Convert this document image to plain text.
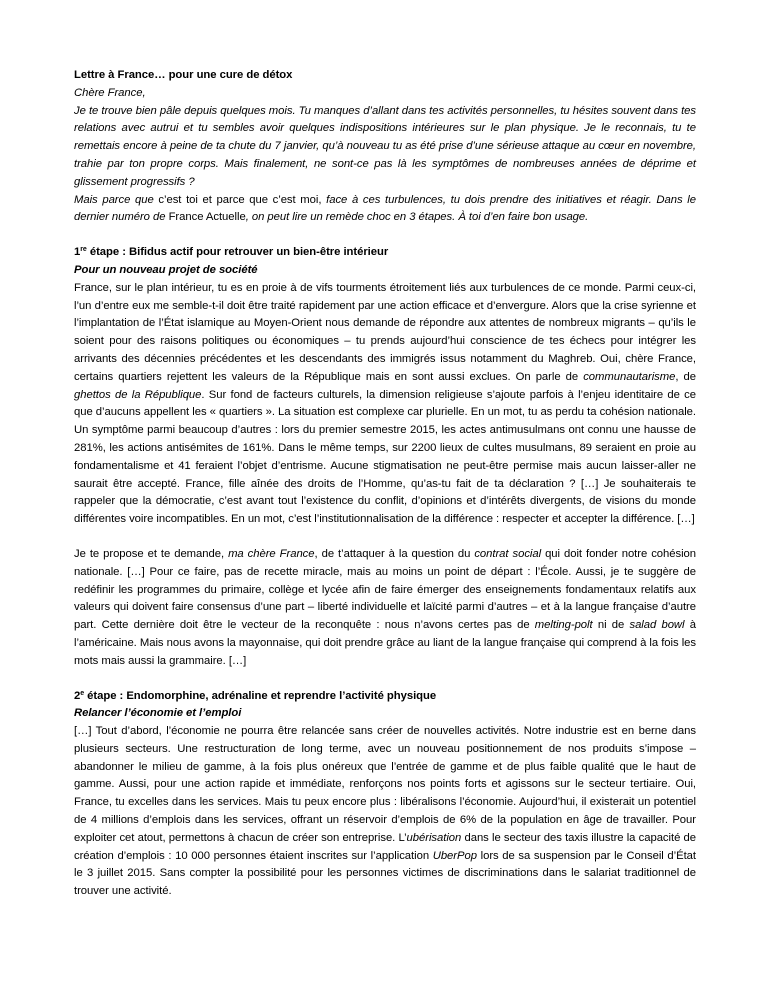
Lettre à France… pour une cure de détox

Chère France,

Je te trouve bien pâle depuis quelques mois. Tu manques d’allant dans tes activités personnelles, tu hésites souvent dans tes relations avec autrui et tu sembles avoir quelques indispositions intérieures sur le plan physique. Je le reconnais, tu te remettais encore à peine de ta chute du 7 janvier, qu’à nouveau tu as été prise d’une sérieuse attaque au cœur en novembre, trahie par ton propre corps. Mais finalement, ne sont-ce pas là les symptômes de nombreuses années de déprime et glissement progressifs ?

Mais parce que c’est toi et parce que c’est moi, face à ces turbulences, tu dois prendre des initiatives et réagir. Dans le dernier numéro de France Actuelle, on peut lire un remède choc en 3 étapes. À toi d’en faire bon usage.

1re étape : Bifidus actif pour retrouver un bien-être intérieur

Pour un nouveau projet de société

France, sur le plan intérieur, tu es en proie à de vifs tourments étroitement liés aux turbulences de ce monde. Parmi ceux-ci, l’un d’entre eux me semble-t-il doit être traité rapidement par une action efficace et d’envergure. Alors que la crise syrienne et l’implantation de l’État islamique au Moyen-Orient nous demande de répondre aux attentes de nombreux migrants – qu’ils le soient pour des raisons politiques ou économiques – tu prends aujourd’hui conscience de tes échecs pour intégrer les arrivants des décennies précédentes et les descendants des immigrés issus notamment du Maghreb. Oui, chère France, certains quartiers rejettent les valeurs de la République mais en sont aussi exclues. On parle de communautarisme, de ghettos de la République. Sur fond de facteurs culturels, la dimension religieuse s’ajoute parfois à l’enjeu identitaire de ce que d’aucuns appellent les « quartiers ». La situation est complexe car plurielle. En un mot, tu as perdu ta cohésion nationale. Un symptôme parmi beaucoup d’autres : lors du premier semestre 2015, les actes antimusulmans ont connu une hausse de 281%, les actions antisémites de 161%. Dans le même temps, sur 2200 lieux de cultes musulmans, 89 seraient en proie au fondamentalisme et 41 feraient l’objet d’entrisme. Aucune stigmatisation ne peut-être permise mais aucun laisser-aller ne saurait être accepté. France, fille aînée des droits de l’Homme, qu’as-tu fait de ta déclaration ? […] Je souhaiterais te rappeler que la démocratie, c’est avant tout l’existence du conflit, d’opinions et d’intérêts divergents, de visions du monde différentes voire incompatibles. En un mot, c’est l’institutionnalisation de la différence : respecter et accepter la différence. […]

Je te propose et te demande, ma chère France, de t’attaquer à la question du contrat social qui doit fonder notre cohésion nationale. […] Pour ce faire, pas de recette miracle, mais au moins un point de départ : l’École. Aussi, je te suggère de redéfinir les programmes du primaire, collège et lycée afin de faire émerger des enseignements fondamentaux relatifs aux valeurs qui doivent faire consensus d’une part – liberté individuelle et laïcité parmi d’autres – et à la langue française d’autre part. Cette dernière doit être le vecteur de la reconquête : nous n’avons certes pas de melting-polt ni de salad bowl à l’américaine. Mais nous avons la mayonnaise, qui doit prendre grâce au liant de la langue française qui comprend à la fois les mots mais aussi la grammaire. […]

2e étape : Endomorphine, adrénaline et reprendre l’activité physique

Relancer l’économie et l’emploi

[…] Tout d’abord, l’économie ne pourra être relancée sans créer de nouvelles activités. Notre industrie est en berne dans plusieurs secteurs. Une restructuration de long terme, avec un nouveau positionnement de nos produits s’impose – abandonner le milieu de gamme, à la fois plus onéreux que l’entrée de gamme et de plus faible qualité que le haut de gamme. Aussi, pour une action rapide et immédiate, renforçons nos points forts et agissons sur le secteur tertiaire. Oui, France, tu excelles dans les services. Mais tu peux encore plus : libéralisons l’économie. Aujourd’hui, il existerait un potentiel de 4 millions d’emplois dans les services, offrant un réservoir d’emplois de 6% de la population en âge de travailler. Pour exploiter cet atout, permettons à chacun de créer son entreprise. L’ubérisation dans le secteur des taxis illustre la capacité de création d’emplois : 10 000 personnes étaient inscrites sur l’application UberPop lors de sa suspension par le Conseil d’État le 3 juillet 2015. Sans compter la possibilité pour les personnes victimes de discriminations dans le salariat traditionnel de trouver une activité.
